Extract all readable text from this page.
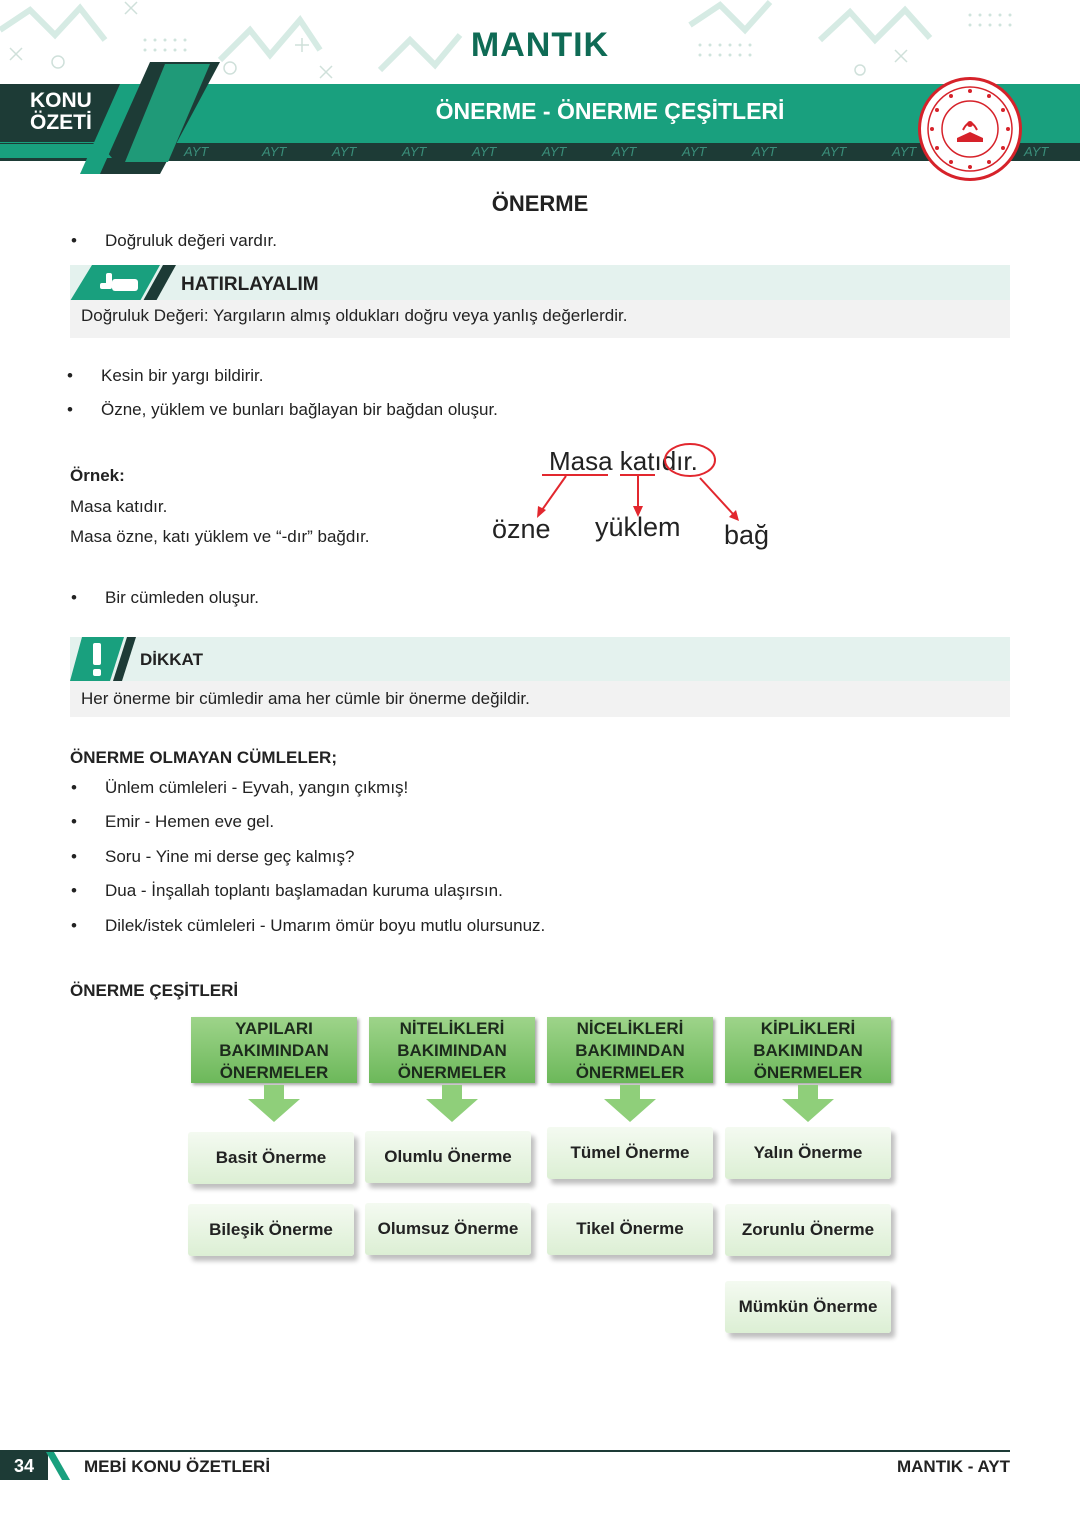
MANTIK
AYT	AYT	AYT	AYT	AYT	AYT	AYT	AYT	AYT	AYT	AYT	AYT
KONU
ÖZETİ	ÖNERME - ÖNERME ÇEŞİTLERİ
ÖNERME
• Doğruluk değeri vardır.
HATIRLAYALIM
Doğruluk Değeri: Yargıların almış oldukları doğru veya yanlış değerlerdir.
• Kesin bir yargı bildirir.
• Özne, yüklem ve bunları bağlayan bir bağdan oluşur.
Örnek:
Masa katıdır.
Masa özne, katı yüklem ve “-dır” bağdır.
Masa katıdır.
özne yüklem bağ
• Bir cümleden oluşur.
DİKKAT
Her önerme bir cümledir ama her cümle bir önerme değildir.
ÖNERME OLMAYAN CÜMLELER;
• Ünlem cümleleri - Eyvah, yangın çıkmış!
• Emir - Hemen eve gel.
• Soru - Yine mi derse geç kalmış?
• Dua - İnşallah toplantı başlamadan kuruma ulaşırsın.
• Dilek/istek cümleleri - Umarım ömür boyu mutlu olursunuz.
ÖNERME ÇEŞİTLERİ
YAPILARI
BAKIMINDAN
ÖNERMELER
NİTELİKLERİ
BAKIMINDAN
ÖNERMELER
NİCELİKLERİ
BAKIMINDAN
ÖNERMELER
KİPLİKLERİ
BAKIMINDAN
ÖNERMELER
Basit Önerme
Bileşik Önerme
Olumlu Önerme
Olumsuz Önerme
Tümel Önerme
Tikel Önerme
Yalın Önerme
Zorunlu Önerme
Mümkün Önerme
34	MEBİ KONU ÖZETLERİ	MANTIK - AYT
